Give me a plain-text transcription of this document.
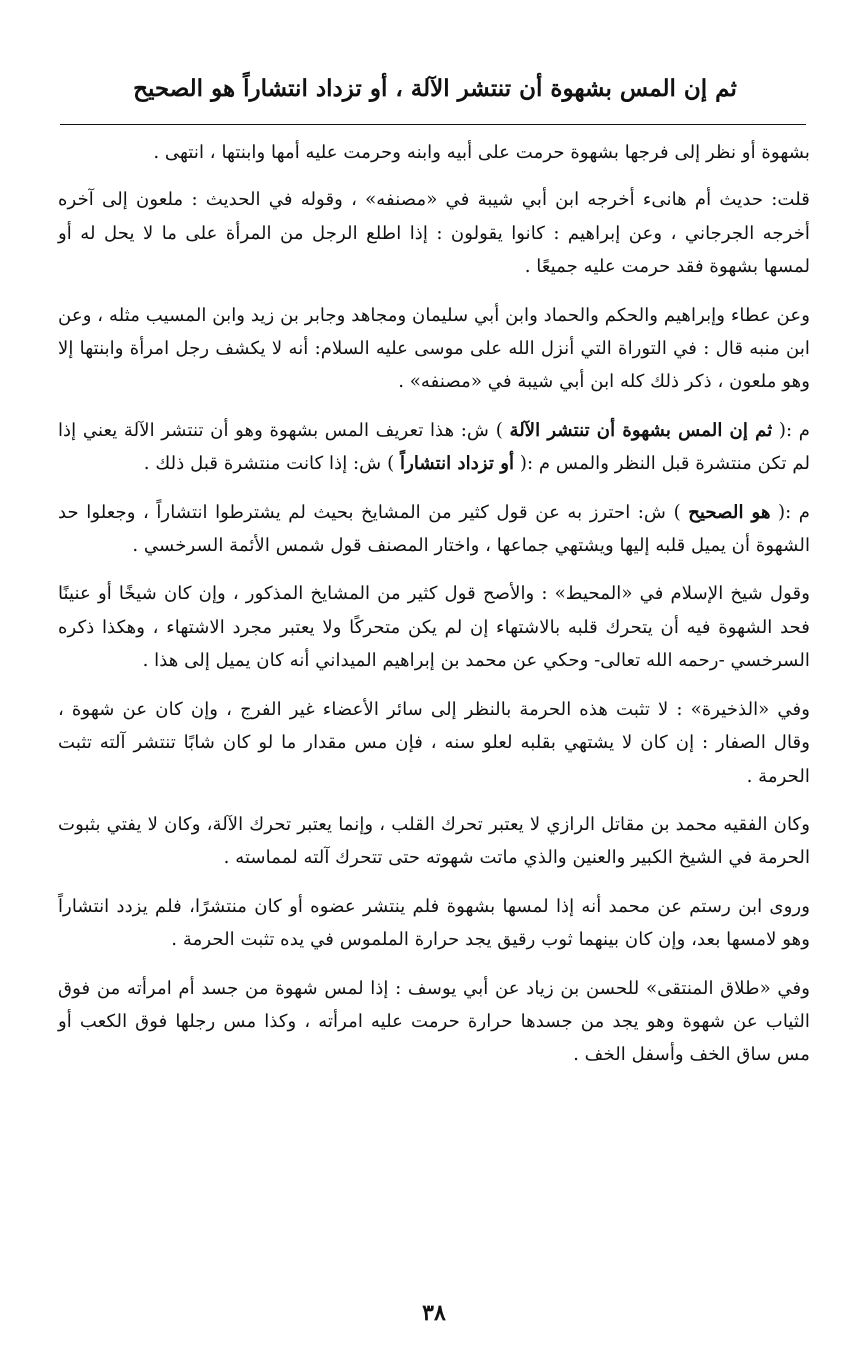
ثم إن المس بشهوة أن تنتشر الآلة ، أو تزداد انتشاراً هو الصحيح

بشهوة أو نظر إلى فرجها بشهوة حرمت على أبيه وابنه وحرمت عليه أمها وابنتها ، انتهى .

قلت: حديث أم هانىء أخرجه ابن أبي شيبة في «مصنفه» ، وقوله في الحديث : ملعون إلى آخره أخرجه الجرجاني ، وعن إبراهيم : كانوا يقولون : إذا اطلع الرجل من المرأة على ما لا يحل له أو لمسها بشهوة فقد حرمت عليه جميعًا .

وعن عطاء وإبراهيم والحكم والحماد وابن أبي سليمان ومجاهد وجابر بن زيد وابن المسيب مثله ، وعن ابن منبه قال : في التوراة التي أنزل الله على موسى عليه السلام: أنه لا يكشف رجل امرأة وابنتها إلا وهو ملعون ، ذكر ذلك كله ابن أبي شيبة في «مصنفه» .

م :( ثم إن المس بشهوة أن تنتشر الآلة ) ش: هذا تعريف المس بشهوة وهو أن تنتشر الآلة يعني إذا لم تكن منتشرة قبل النظر والمس م :( أو تزداد انتشاراً ) ش: إذا كانت منتشرة قبل ذلك .

م :( هو الصحيح ) ش: احترز به عن قول كثير من المشايخ بحيث لم يشترطوا انتشاراً ، وجعلوا حد الشهوة أن يميل قلبه إليها ويشتهي جماعها ، واختار المصنف قول شمس الأئمة السرخسي .

وقول شيخ الإسلام في «المحيط» : والأصح قول كثير من المشايخ المذكور ، وإن كان شيخًا أو عنينًا فحد الشهوة فيه أن يتحرك قلبه بالاشتهاء إن لم يكن متحركًا ولا يعتبر مجرد الاشتهاء ، وهكذا ذكره السرخسي -رحمه الله تعالى- وحكي عن محمد بن إبراهيم الميداني أنه كان يميل إلى هذا .

وفي «الذخيرة» : لا تثبت هذه الحرمة بالنظر إلى سائر الأعضاء غير الفرج ، وإن كان عن شهوة ، وقال الصفار : إن كان لا يشتهي بقلبه لعلو سنه ، فإن مس مقدار ما لو كان شابًا تنتشر آلته تثبت الحرمة .

وكان الفقيه محمد بن مقاتل الرازي لا يعتبر تحرك القلب ، وإنما يعتبر تحرك الآلة، وكان لا يفتي بثبوت الحرمة في الشيخ الكبير والعنين والذي ماتت شهوته حتى تتحرك آلته لمماسته .

وروى ابن رستم عن محمد أنه إذا لمسها بشهوة فلم ينتشر عضوه أو كان منتشرًا، فلم يزدد انتشاراً وهو لامسها بعد، وإن كان بينهما ثوب رقيق يجد حرارة الملموس في يده تثبت الحرمة .

وفي «طلاق المنتقى» للحسن بن زياد عن أبي يوسف : إذا لمس شهوة من جسد أم امرأته من فوق الثياب عن شهوة وهو يجد من جسدها حرارة حرمت عليه امرأته ، وكذا مس رجلها فوق الكعب أو مس ساق الخف وأسفل الخف .

٣٨
